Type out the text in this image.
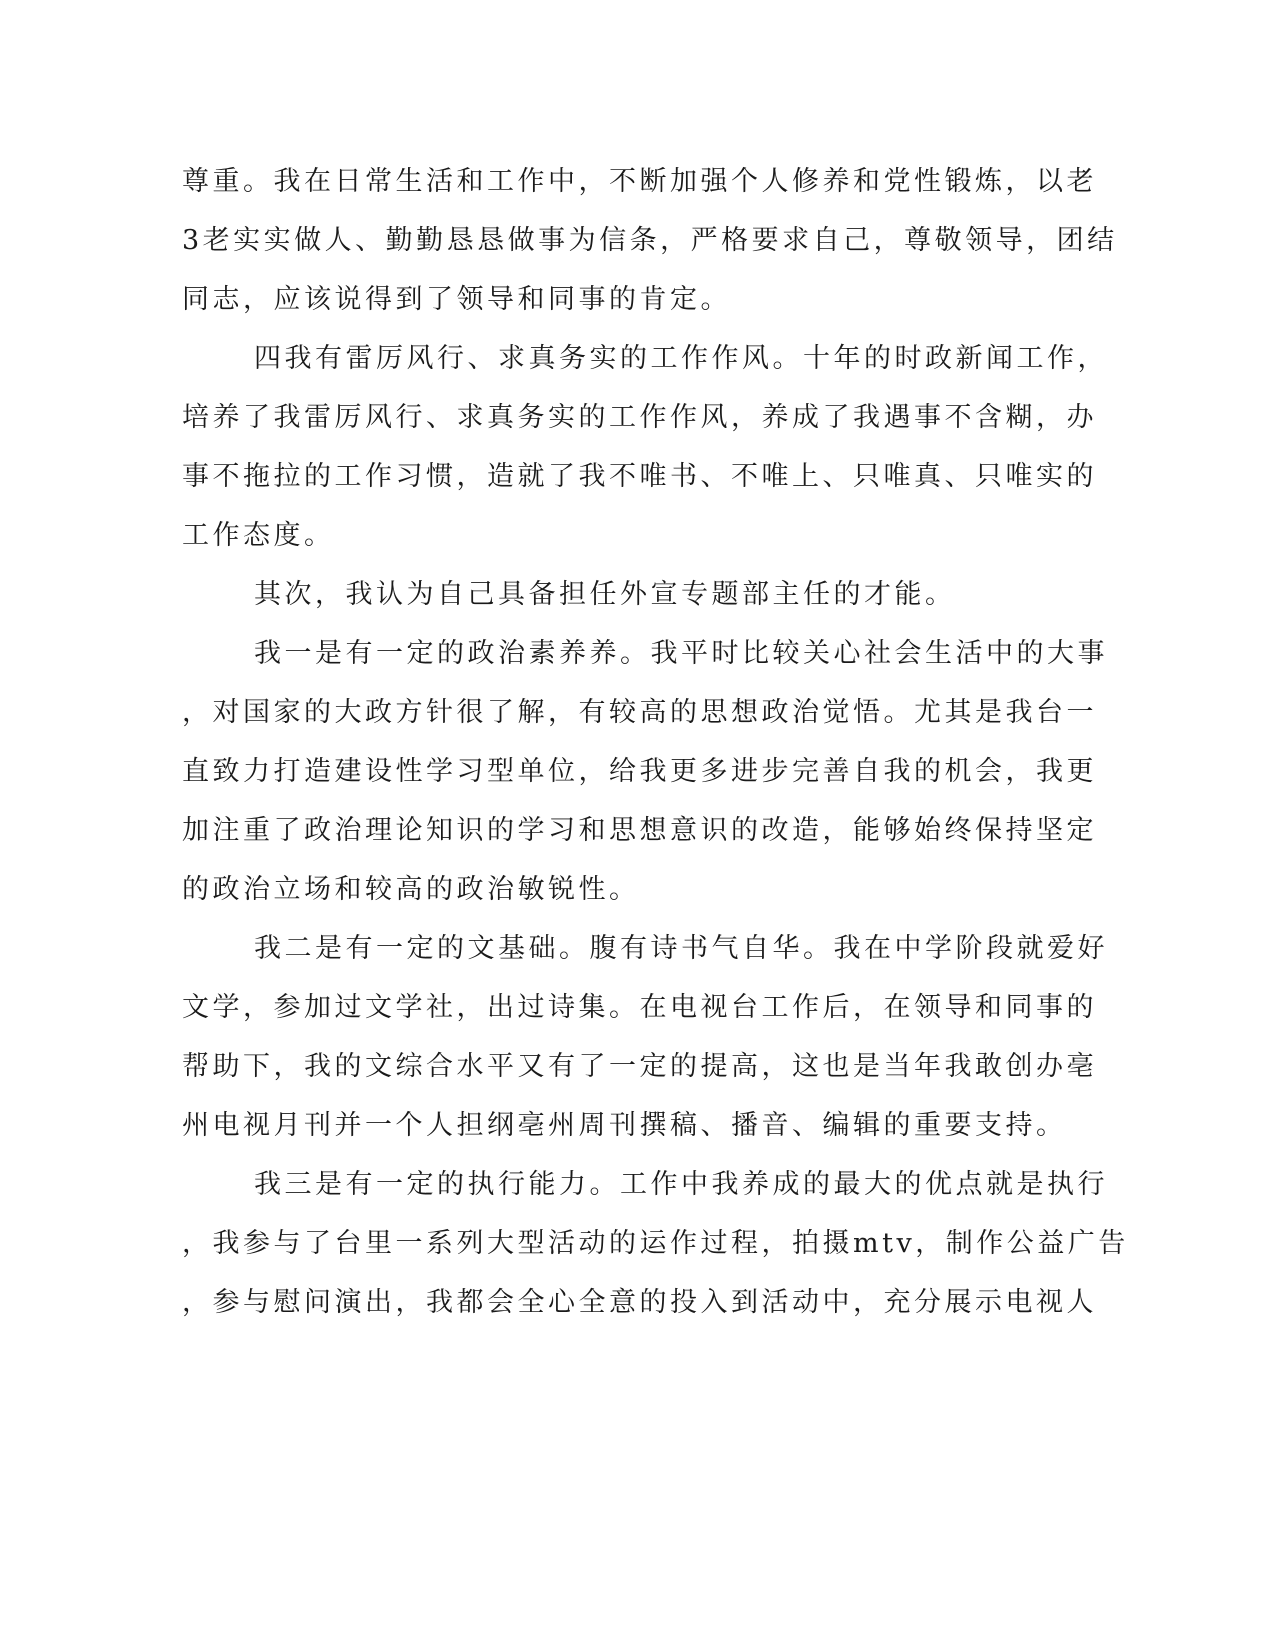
尊重。我在日常生活和工作中，不断加强个人修养和党性锻炼，以老
3老实实做人、勤勤恳恳做事为信条，严格要求自己，尊敬领导，团结
同志，应该说得到了领导和同事的肯定。
四我有雷厉风行、求真务实的工作作风。十年的时政新闻工作，
培养了我雷厉风行、求真务实的工作作风，养成了我遇事不含糊，办
事不拖拉的工作习惯，造就了我不唯书、不唯上、只唯真、只唯实的
工作态度。
其次，我认为自己具备担任外宣专题部主任的才能。
我一是有一定的政治素养养。我平时比较关心社会生活中的大事
，对国家的大政方针很了解，有较高的思想政治觉悟。尤其是我台一
直致力打造建设性学习型单位，给我更多进步完善自我的机会，我更
加注重了政治理论知识的学习和思想意识的改造，能够始终保持坚定
的政治立场和较高的政治敏锐性。
我二是有一定的文基础。腹有诗书气自华。我在中学阶段就爱好
文学，参加过文学社，出过诗集。在电视台工作后，在领导和同事的
帮助下，我的文综合水平又有了一定的提高，这也是当年我敢创办亳
州电视月刊并一个人担纲亳州周刊撰稿、播音、编辑的重要支持。
我三是有一定的执行能力。工作中我养成的最大的优点就是执行
，我参与了台里一系列大型活动的运作过程，拍摄mtv，制作公益广告
，参与慰问演出，我都会全心全意的投入到活动中，充分展示电视人
